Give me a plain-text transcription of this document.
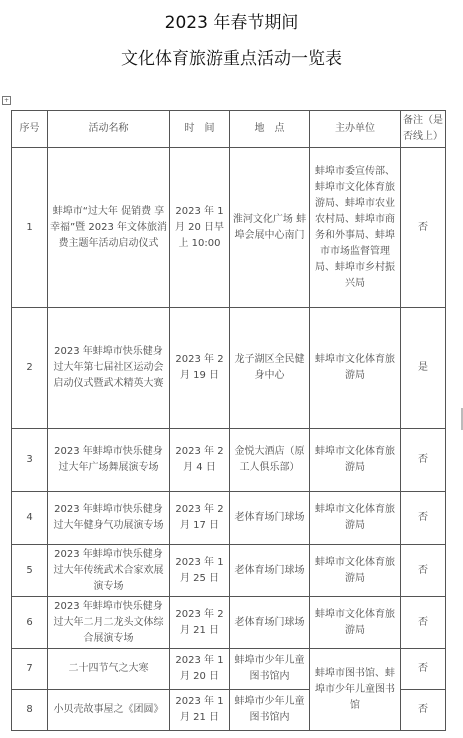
2023 年春节期间
文化体育旅游重点活动一览表
+
序号	活动名称	时　间	地　点	主办单位	备注（是否线上）
1	蚌埠市“过大年 促销费 享幸福”暨 2023 年文体旅消费主题年活动启动仪式	2023 年 1 月 20 日早上 10:00	淮河文化广场 蚌埠会展中心南门	蚌埠市委宣传部、蚌埠市文化体育旅游局、蚌埠市农业农村局、蚌埠市商务和外事局、蚌埠市市场监督管理局、蚌埠市乡村振兴局	否
2	2023 年蚌埠市快乐健身过大年第七届社区运动会启动仪式暨武术精英大赛	2023 年 2 月 19 日	龙子湖区全民健身中心	蚌埠市文化体育旅游局	是
3	2023 年蚌埠市快乐健身过大年广场舞展演专场	2023 年 2 月 4 日	金悦大酒店（原工人俱乐部）	蚌埠市文化体育旅游局	否
4	2023 年蚌埠市快乐健身过大年健身气功展演专场	2023 年 2 月 17 日	老体育场门球场	蚌埠市文化体育旅游局	否
5	2023 年蚌埠市快乐健身过大年传统武术合家欢展演专场	2023 年 1 月 25 日	老体育场门球场	蚌埠市文化体育旅游局	否
6	2023 年蚌埠市快乐健身过大年二月二龙头文体综合展演专场	2023 年 2 月 21 日	老体育场门球场	蚌埠市文化体育旅游局	否
7	二十四节气之大寒	2023 年 1 月 20 日	蚌埠市少年儿童图书馆内	蚌埠市图书馆、蚌埠市少年儿童图书馆	否
8	小贝壳故事屋之《团圆》	2023 年 1 月 21 日	蚌埠市少年儿童图书馆内		否
